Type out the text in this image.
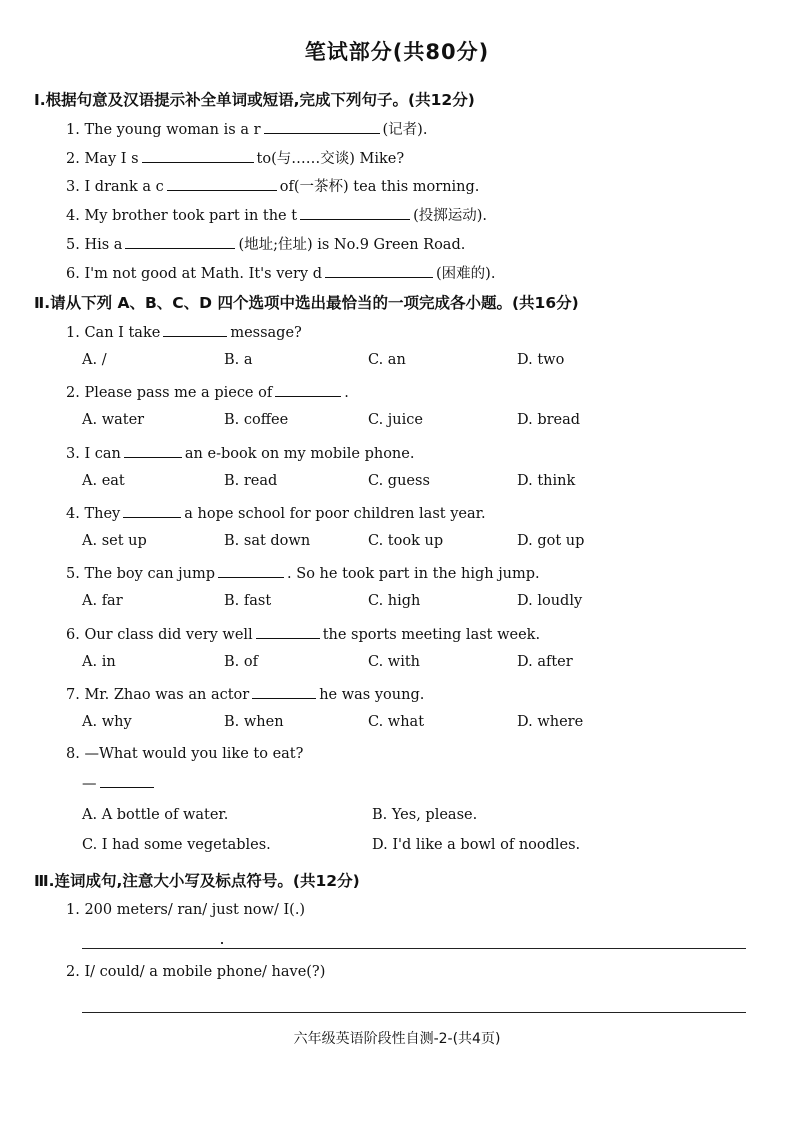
笔试部分(共80分)
Ⅰ.根据句意及汉语提示补全单词或短语,完成下列句子。(共12分)
1. The young woman is a r	(记者).
2. May I s	to(与……交谈) Mike?
3. I drank a c	of(一茶杯) tea this morning.
4. My brother took part in the t	(投掷运动).
5. His a	(地址;住址) is No.9 Green Road.
6. I'm not good at Math. It's very d	(困难的).
Ⅱ.请从下列 A、B、C、D 四个选项中选出最恰当的一项完成各小题。(共16分)
1. Can I take	message?
A. /	B. a	C. an	D. two
2. Please pass me a piece of	.
A. water	B. coffee	C. juice	D. bread
3. I can	an e-book on my mobile phone.
A. eat	B. read	C. guess	D. think
4. They	a hope school for poor children last year.
A. set up	B. sat down	C. took up	D. got up
5. The boy can jump	. So he took part in the high jump.
A. far	B. fast	C. high	D. loudly
6. Our class did very well	the sports meeting last week.
A. in	B. of	C. with	D. after
7. Mr. Zhao was an actor	he was young.
A. why	B. when	C. what	D. where
8. —What would you like to eat?
—
A. A bottle of water.	B. Yes, please.
C. I had some vegetables.	D. I'd like a bowl of noodles.
Ⅲ.连词成句,注意大小写及标点符号。(共12分)
1. 200 meters/ ran/ just now/ I(.)
2. I/ could/ a mobile phone/ have(?)
六年级英语阶段性自测-2-(共4页)
